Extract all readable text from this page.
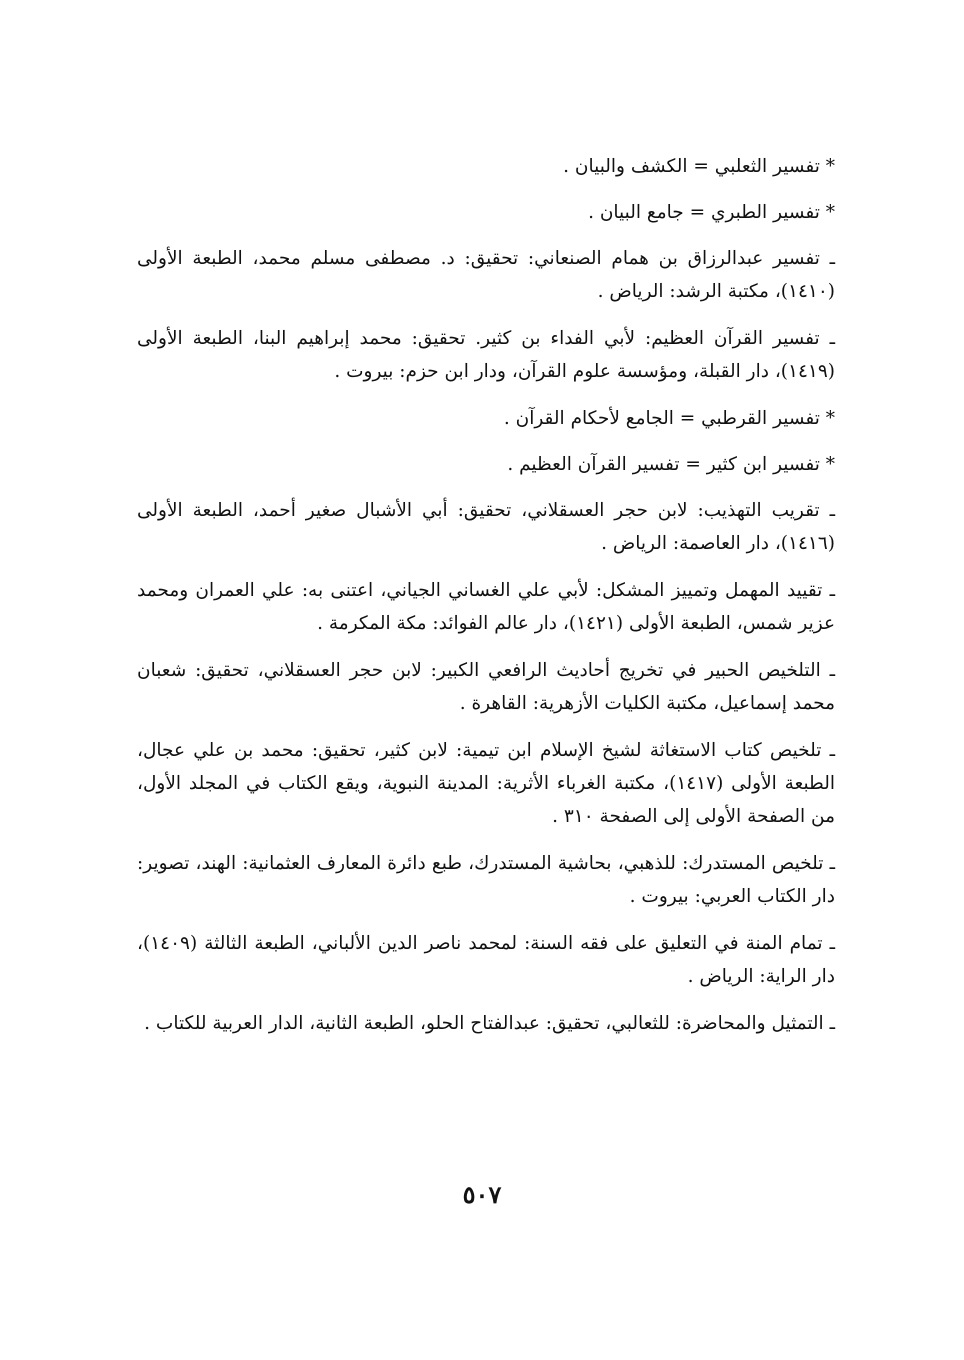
* تفسير الثعلبي = الكشف والبيان .

* تفسير الطبري = جامع البيان .

ـ تفسير عبدالرزاق بن همام الصنعاني: تحقيق: د. مصطفى مسلم محمد، الطبعة الأولى (١٤١٠)، مكتبة الرشد: الرياض .

ـ تفسير القرآن العظيم: لأبي الفداء بن كثير. تحقيق: محمد إبراهيم البنا، الطبعة الأولى (١٤١٩)، دار القبلة، ومؤسسة علوم القرآن، ودار ابن حزم: بيروت .

* تفسير القرطبي = الجامع لأحكام القرآن .

* تفسير ابن كثير = تفسير القرآن العظيم .

ـ تقريب التهذيب: لابن حجر العسقلاني، تحقيق: أبي الأشبال صغير أحمد، الطبعة الأولى (١٤١٦)، دار العاصمة: الرياض .

ـ تقييد المهمل وتمييز المشكل: لأبي علي الغساني الجياني، اعتنى به: علي العمران ومحمد عزير شمس، الطبعة الأولى (١٤٢١)، دار عالم الفوائد: مكة المكرمة .

ـ التلخيص الحبير في تخريج أحاديث الرافعي الكبير: لابن حجر العسقلاني، تحقيق: شعبان محمد إسماعيل، مكتبة الكليات الأزهرية: القاهرة .

ـ تلخيص كتاب الاستغاثة لشيخ الإسلام ابن تيمية: لابن كثير، تحقيق: محمد بن علي عجال، الطبعة الأولى (١٤١٧)، مكتبة الغرباء الأثرية: المدينة النبوية، ويقع الكتاب في المجلد الأول، من الصفحة الأولى إلى الصفحة ٣١٠ .

ـ تلخيص المستدرك: للذهبي، بحاشية المستدرك، طبع دائرة المعارف العثمانية: الهند، تصوير: دار الكتاب العربي: بيروت .

ـ تمام المنة في التعليق على فقه السنة: لمحمد ناصر الدين الألباني، الطبعة الثالثة (١٤٠٩)، دار الراية: الرياض .

ـ التمثيل والمحاضرة: للثعالبي، تحقيق: عبدالفتاح الحلو، الطبعة الثانية، الدار العربية للكتاب .

٥٠٧
